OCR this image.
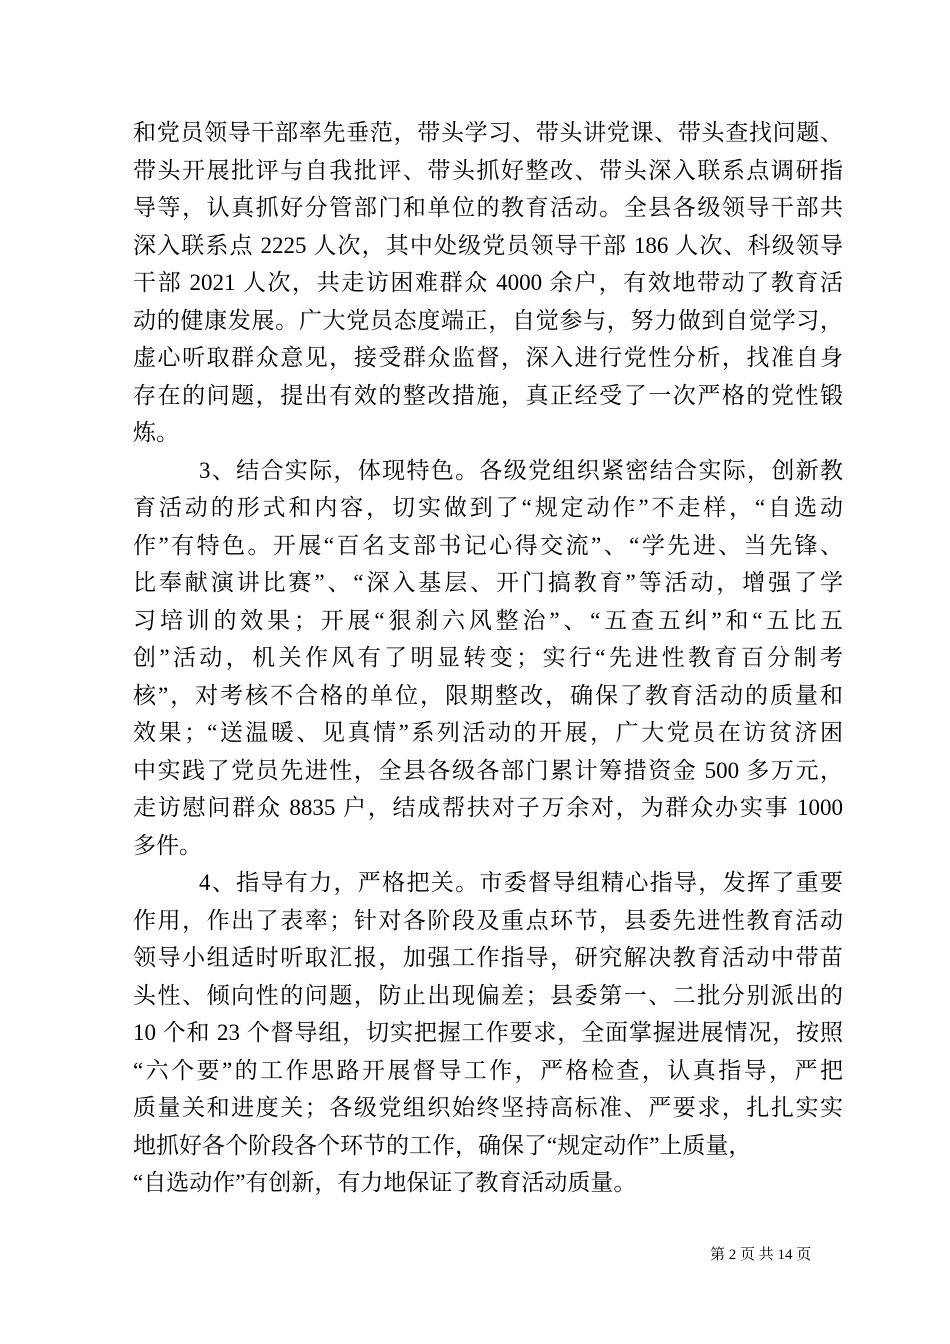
和党员领导干部率先垂范，带头学习、带头讲党课、带头查找问题、
带头开展批评与自我批评、带头抓好整改、带头深入联系点调研指
导等，认真抓好分管部门和单位的教育活动。全县各级领导干部共
深入联系点 2225 人次，其中处级党员领导干部 186 人次、科级领导
干部 2021 人次，共走访困难群众 4000 余户，有效地带动了教育活
动的健康发展。广大党员态度端正，自觉参与，努力做到自觉学习，
虚心听取群众意见，接受群众监督，深入进行党性分析，找准自身
存在的问题，提出有效的整改措施，真正经受了一次严格的党性锻
炼。
3、结合实际，体现特色。各级党组织紧密结合实际，创新教
育活动的形式和内容，切实做到了“规定动作”不走样，“自选动
作”有特色。开展“百名支部书记心得交流”、“学先进、当先锋、
比奉献演讲比赛”、“深入基层、开门搞教育”等活动，增强了学
习培训的效果；开展“狠刹六风整治”、“五查五纠”和“五比五
创”活动，机关作风有了明显转变；实行“先进性教育百分制考
核”，对考核不合格的单位，限期整改，确保了教育活动的质量和
效果；“送温暖、见真情”系列活动的开展，广大党员在访贫济困
中实践了党员先进性，全县各级各部门累计筹措资金 500 多万元，
走访慰问群众 8835 户，结成帮扶对子万余对，为群众办实事 1000
多件。
4、指导有力，严格把关。市委督导组精心指导，发挥了重要
作用，作出了表率；针对各阶段及重点环节，县委先进性教育活动
领导小组适时听取汇报，加强工作指导，研究解决教育活动中带苗
头性、倾向性的问题，防止出现偏差；县委第一、二批分别派出的
10 个和 23 个督导组，切实把握工作要求，全面掌握进展情况，按照
“六个要”的工作思路开展督导工作，严格检查，认真指导，严把
质量关和进度关；各级党组织始终坚持高标准、严要求，扎扎实实
地抓好各个阶段各个环节的工作，确保了“规定动作”上质量，
“自选动作”有创新，有力地保证了教育活动质量。
第 2 页 共 14 页
